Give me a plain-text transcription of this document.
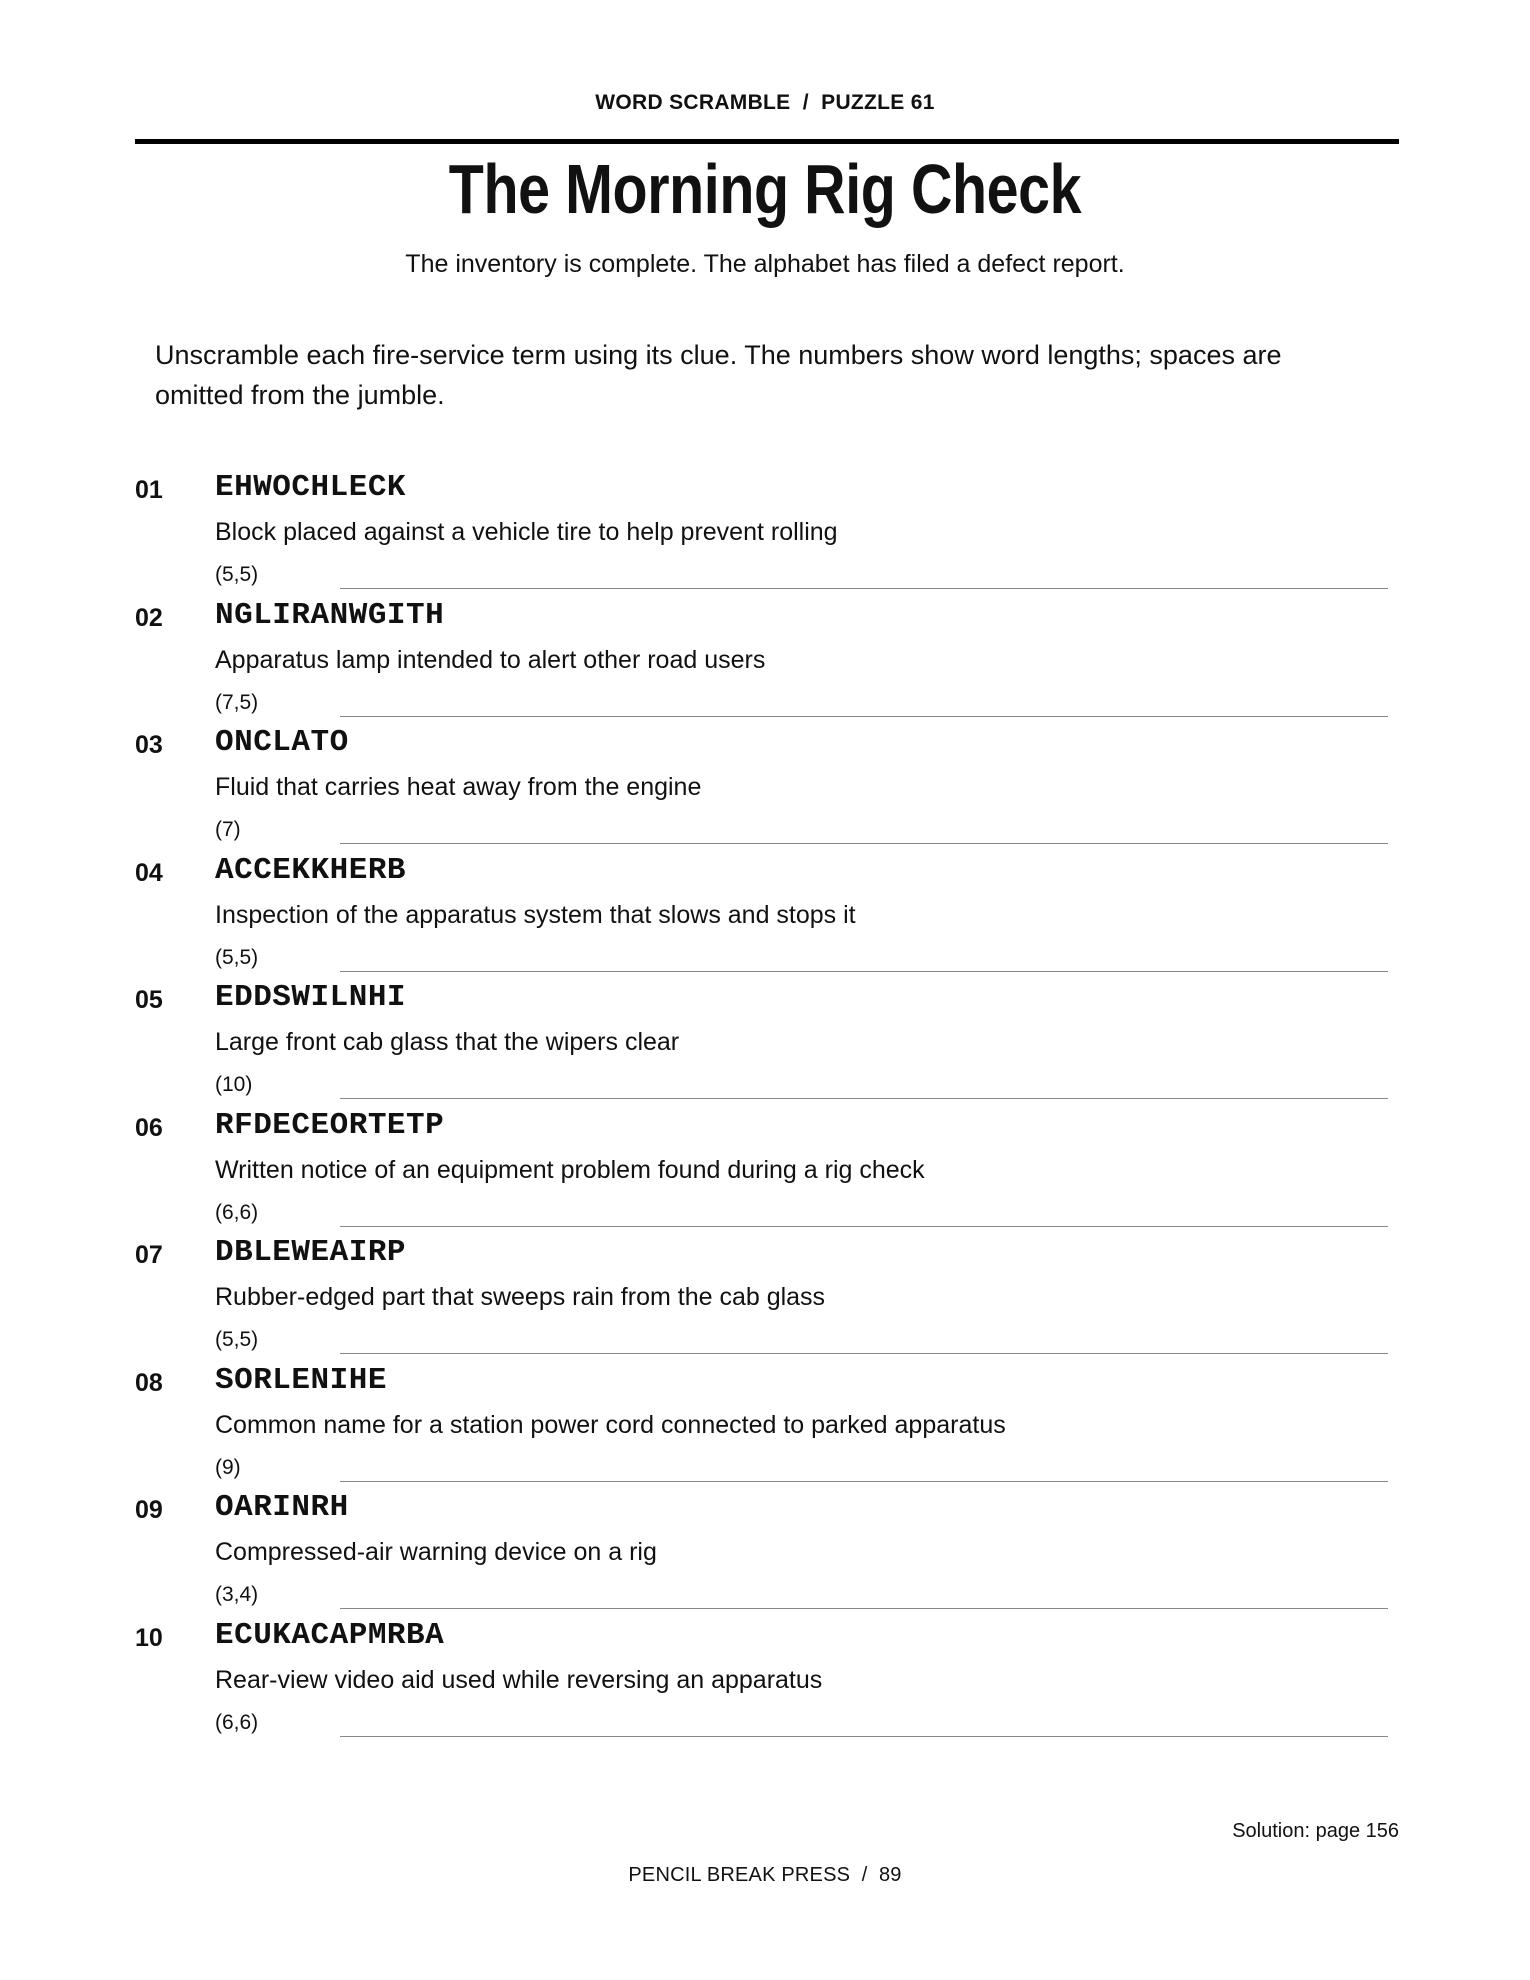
WORD SCRAMBLE  /  PUZZLE 61
The Morning Rig Check
The inventory is complete. The alphabet has filed a defect report.
Unscramble each fire-service term using its clue. The numbers show word lengths; spaces are omitted from the jumble.
01 EHWOCHLECK
Block placed against a vehicle tire to help prevent rolling
(5,5)
02 NGLIRANWGITH
Apparatus lamp intended to alert other road users
(7,5)
03 ONCLATO
Fluid that carries heat away from the engine
(7)
04 ACCEKKHERB
Inspection of the apparatus system that slows and stops it
(5,5)
05 EDDSWILNHI
Large front cab glass that the wipers clear
(10)
06 RFDECEORTETP
Written notice of an equipment problem found during a rig check
(6,6)
07 DBLEWEAIRP
Rubber-edged part that sweeps rain from the cab glass
(5,5)
08 SORLENIHE
Common name for a station power cord connected to parked apparatus
(9)
09 OARINRH
Compressed-air warning device on a rig
(3,4)
10 ECUKACAPMRBA
Rear-view video aid used while reversing an apparatus
(6,6)
Solution: page 156
PENCIL BREAK PRESS  /  89
